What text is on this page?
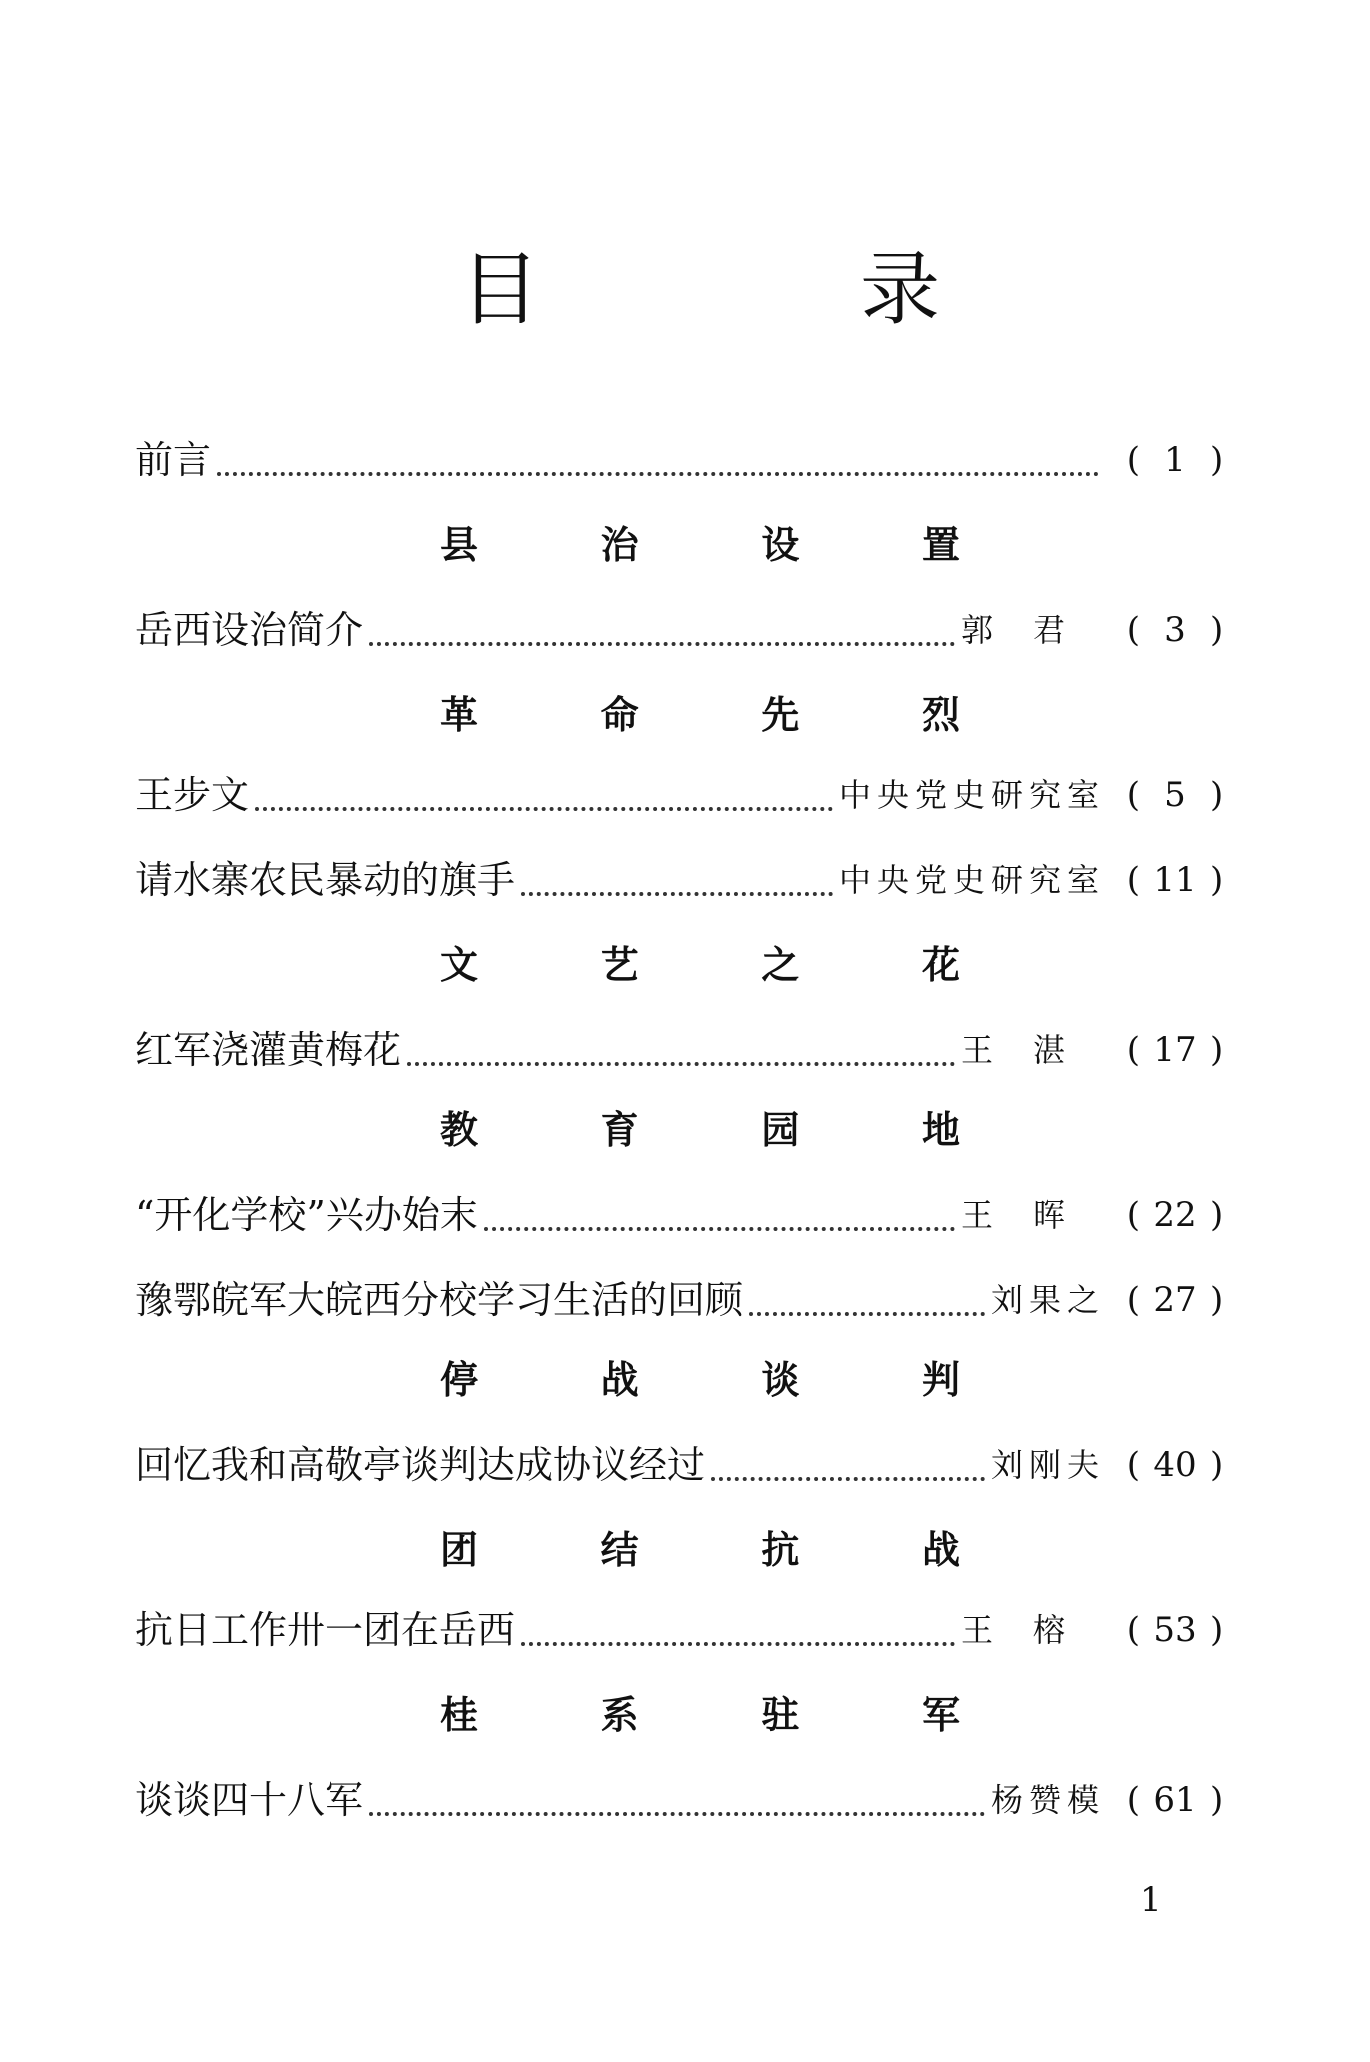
目	录
前言	( 1 )
县	治	设	置
岳西设治简介	郭君 ( 3 )
革	命	先	烈
王步文	中央党史研究室 ( 5 )
请水寨农民暴动的旗手	中央党史研究室 ( 11 )
文	艺	之	花
红军浇灌黄梅花	王湛 ( 17 )
教	育	园	地
“开化学校”兴办始末	王晖 ( 22 )
豫鄂皖军大皖西分校学习生活的回顾	刘果之 ( 27 )
停	战	谈	判
回忆我和高敬亭谈判达成协议经过	刘刚夫 ( 40 )
团	结	抗	战
抗日工作卅一团在岳西	王榕 ( 53 )
桂	系	驻	军
谈谈四十八军	杨赞模 ( 61 )
1
